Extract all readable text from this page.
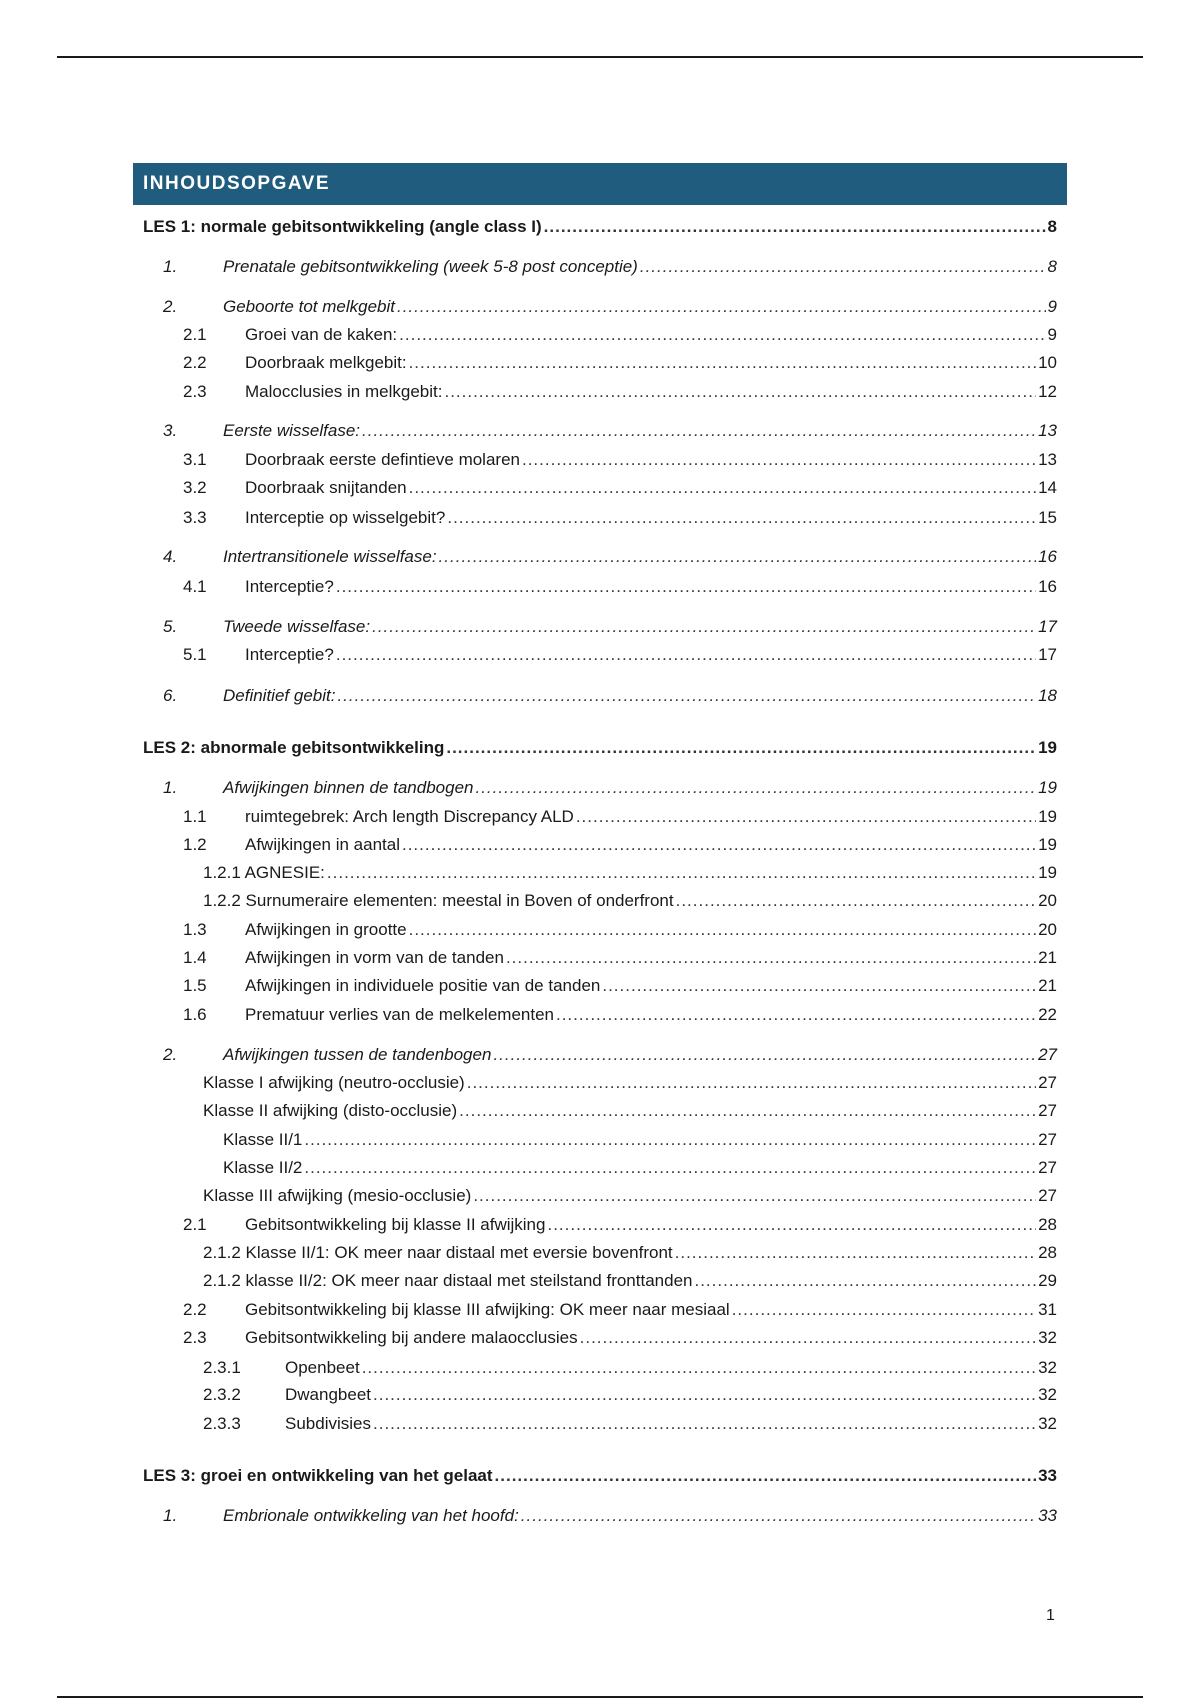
INHOUDSOPGAVE
LES 1: normale gebitsontwikkeling (angle class I) .....	8
1.	Prenatale gebitsontwikkeling (week 5-8 post conceptie) .....	8
2.	Geboorte tot melkgebit .....	9
2.1	Groei van de kaken: .....	9
2.2	Doorbraak melkgebit: .....	10
2.3	Malocclusies in melkgebit: .....	12
3.	Eerste wisselfase: .....	13
3.1	Doorbraak eerste defintieve molaren .....	13
3.2	Doorbraak snijtanden .....	14
3.3	Interceptie op wisselgebit? .....	15
4.	Intertransitionele wisselfase: .....	16
4.1	Interceptie? .....	16
5.	Tweede wisselfase: .....	17
5.1	Interceptie? .....	17
6.	Definitief gebit: .....	18
LES 2: abnormale gebitsontwikkeling .....	19
1.	Afwijkingen binnen de tandbogen .....	19
1.1	ruimtegebrek: Arch length Discrepancy ALD .....	19
1.2	Afwijkingen in aantal .....	19
1.2.1 AGNESIE: .....	19
1.2.2 Surnumeraire elementen: meestal in Boven of onderfront .....	20
1.3	Afwijkingen in grootte .....	20
1.4	Afwijkingen in vorm van de tanden .....	21
1.5	Afwijkingen in individuele positie van de tanden .....	21
1.6	Prematuur verlies van de melkelementen .....	22
2.	Afwijkingen tussen de tandenbogen .....	27
Klasse I afwijking (neutro-occlusie) .....	27
Klasse II afwijking (disto-occlusie) .....	27
Klasse II/1 .....	27
Klasse II/2 .....	27
Klasse III afwijking (mesio-occlusie) .....	27
2.1	Gebitsontwikkeling bij klasse II afwijking .....	28
2.1.2 Klasse II/1: OK meer naar distaal met eversie bovenfront .....	28
2.1.2 klasse II/2: OK meer naar distaal met steilstand fronttanden .....	29
2.2	Gebitsontwikkeling bij klasse III afwijking: OK meer naar mesiaal .....	31
2.3	Gebitsontwikkeling bij andere malaocclusies .....	32
2.3.1	Openbeet .....	32
2.3.2	Dwangbeet .....	32
2.3.3	Subdivisies .....	32
LES 3: groei en ontwikkeling van het gelaat .....	33
1.	Embrionale ontwikkeling van het hoofd: .....	33
1
